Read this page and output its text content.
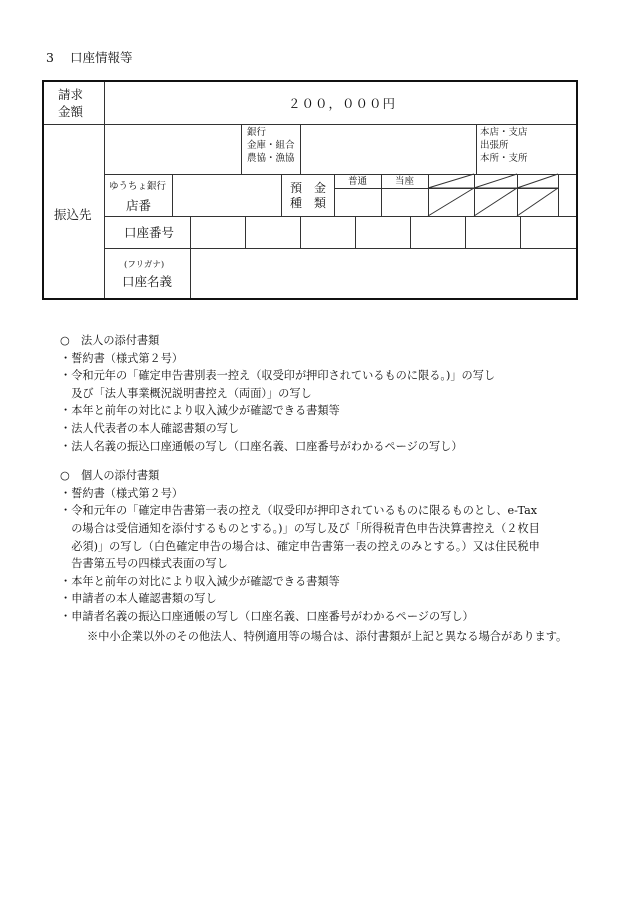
3 口座情報等
請求
金額
２００，０００円
振込先
銀行
金庫・組合
農協・漁協
本店・支店
出張所
本所・支所
ゆうちょ銀行
店番
預　金
種　類
普通	当座
口座番号
(フリガナ)
口座名義
○　法人の添付書類
・誓約書（様式第２号）
・令和元年の「確定申告書別表一控え（収受印が押印されているものに限る。)」の写し
　及び「法人事業概況説明書控え（両面）」の写し
・本年と前年の対比により収入減少が確認できる書類等
・法人代表者の本人確認書類の写し
・法人名義の振込口座通帳の写し（口座名義、口座番号がわかるページの写し）
○　個人の添付書類
・誓約書（様式第２号）
・令和元年の「確定申告書第一表の控え（収受印が押印されているものに限るものとし、e-Tax
　の場合は受信通知を添付するものとする。)」の写し及び「所得税青色申告決算書控え（２枚目
　必須)」の写し（白色確定申告の場合は、確定申告書第一表の控えのみとする。）又は住民税申
　告書第五号の四様式表面の写し
・本年と前年の対比により収入減少が確認できる書類等
・申請者の本人確認書類の写し
・申請者名義の振込口座通帳の写し（口座名義、口座番号がわかるページの写し）
※中小企業以外のその他法人、特例適用等の場合は、添付書類が上記と異なる場合があります。
